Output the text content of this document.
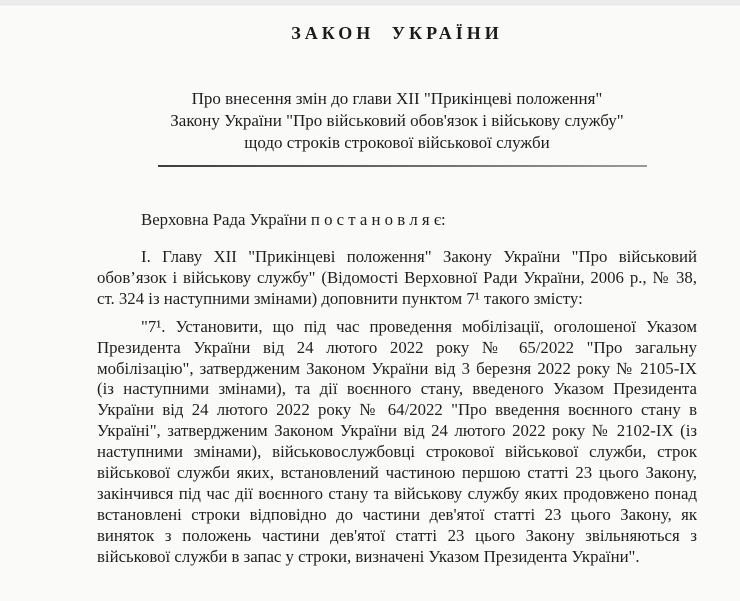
ЗАКОН УКРАЇНИ
Про внесення змін до глави XII "Прикінцеві положення"
Закону України "Про військовий обов'язок і військову службу"
щодо строків строкової військової служби

Верховна Рада України п о с т а н о в л я є:

І. Главу XII "Прикінцеві положення" Закону України "Про військовий обов’язок і військову службу" (Відомості Верховної Ради України, 2006 р., № 38, ст. 324 із наступними змінами) доповнити пунктом 7¹ такого змісту:

"7¹. Установити, що під час проведення мобілізації, оголошеної Указом Президента України від 24 лютого 2022 року № 65/2022 "Про загальну мобілізацію", затвердженим Законом України від 3 березня 2022 року № 2105-IX (із наступними змінами), та дії воєнного стану, введеного Указом Президента України від 24 лютого 2022 року № 64/2022 "Про введення воєнного стану в Україні", затвердженим Законом України від 24 лютого 2022 року № 2102-IX (із наступними змінами), військовослужбовці строкової військової служби, строк військової служби яких, встановлений частиною першою статті 23 цього Закону, закінчився під час дії воєнного стану та військову службу яких продовжено понад встановлені строки відповідно до частини дев'ятої статті 23 цього Закону, як виняток з положень частини дев'ятої статті 23 цього Закону звільняються з військової служби в запас у строки, визначені Указом Президента України".
